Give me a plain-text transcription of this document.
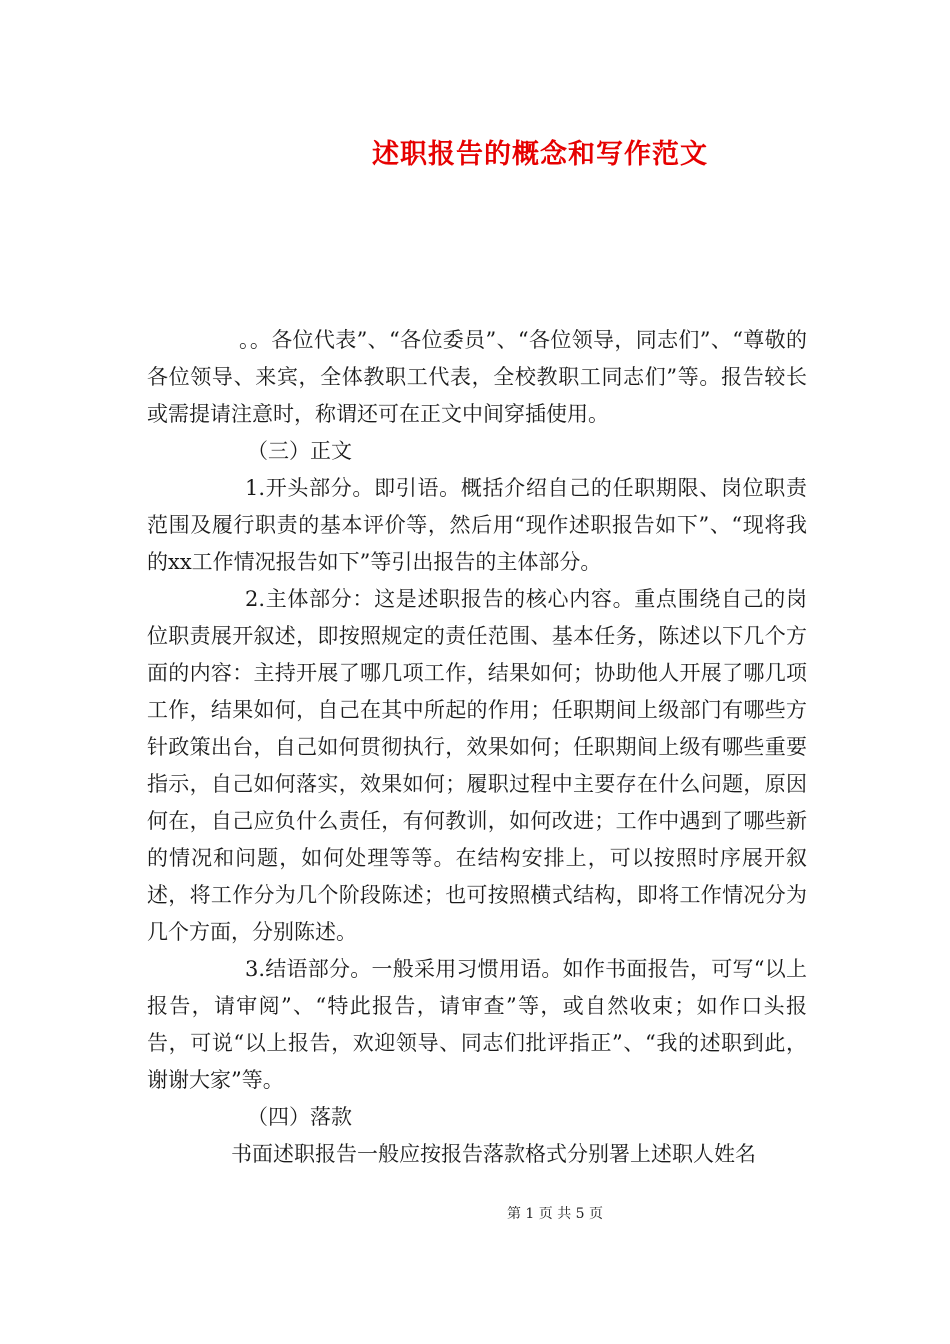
述职报告的概念和写作范文

。。各位代表”、“各位委员”、“各位领导，同志们”、“尊敬的各位领导、来宾，全体教职工代表，全校教职工同志们”等。报告较长或需提请注意时，称谓还可在正文中间穿插使用。

（三）正文

1.开头部分。即引语。概括介绍自己的任职期限、岗位职责范围及履行职责的基本评价等，然后用“现作述职报告如下”、“现将我的xx工作情况报告如下”等引出报告的主体部分。

2.主体部分：这是述职报告的核心内容。重点围绕自己的岗位职责展开叙述，即按照规定的责任范围、基本任务，陈述以下几个方面的内容：主持开展了哪几项工作，结果如何；协助他人开展了哪几项工作，结果如何，自己在其中所起的作用；任职期间上级部门有哪些方针政策出台，自己如何贯彻执行，效果如何；任职期间上级有哪些重要指示，自己如何落实，效果如何；履职过程中主要存在什么问题，原因何在，自己应负什么责任，有何教训，如何改进；工作中遇到了哪些新的情况和问题，如何处理等等。在结构安排上，可以按照时序展开叙述，将工作分为几个阶段陈述；也可按照横式结构，即将工作情况分为几个方面，分别陈述。

3.结语部分。一般采用习惯用语。如作书面报告，可写“以上报告，请审阅”、“特此报告，请审查”等，或自然收束；如作口头报告，可说“以上报告，欢迎领导、同志们批评指正”、“我的述职到此，谢谢大家”等。

（四）落款

书面述职报告一般应按报告落款格式分别署上述职人姓名

第 1 页 共 5 页
